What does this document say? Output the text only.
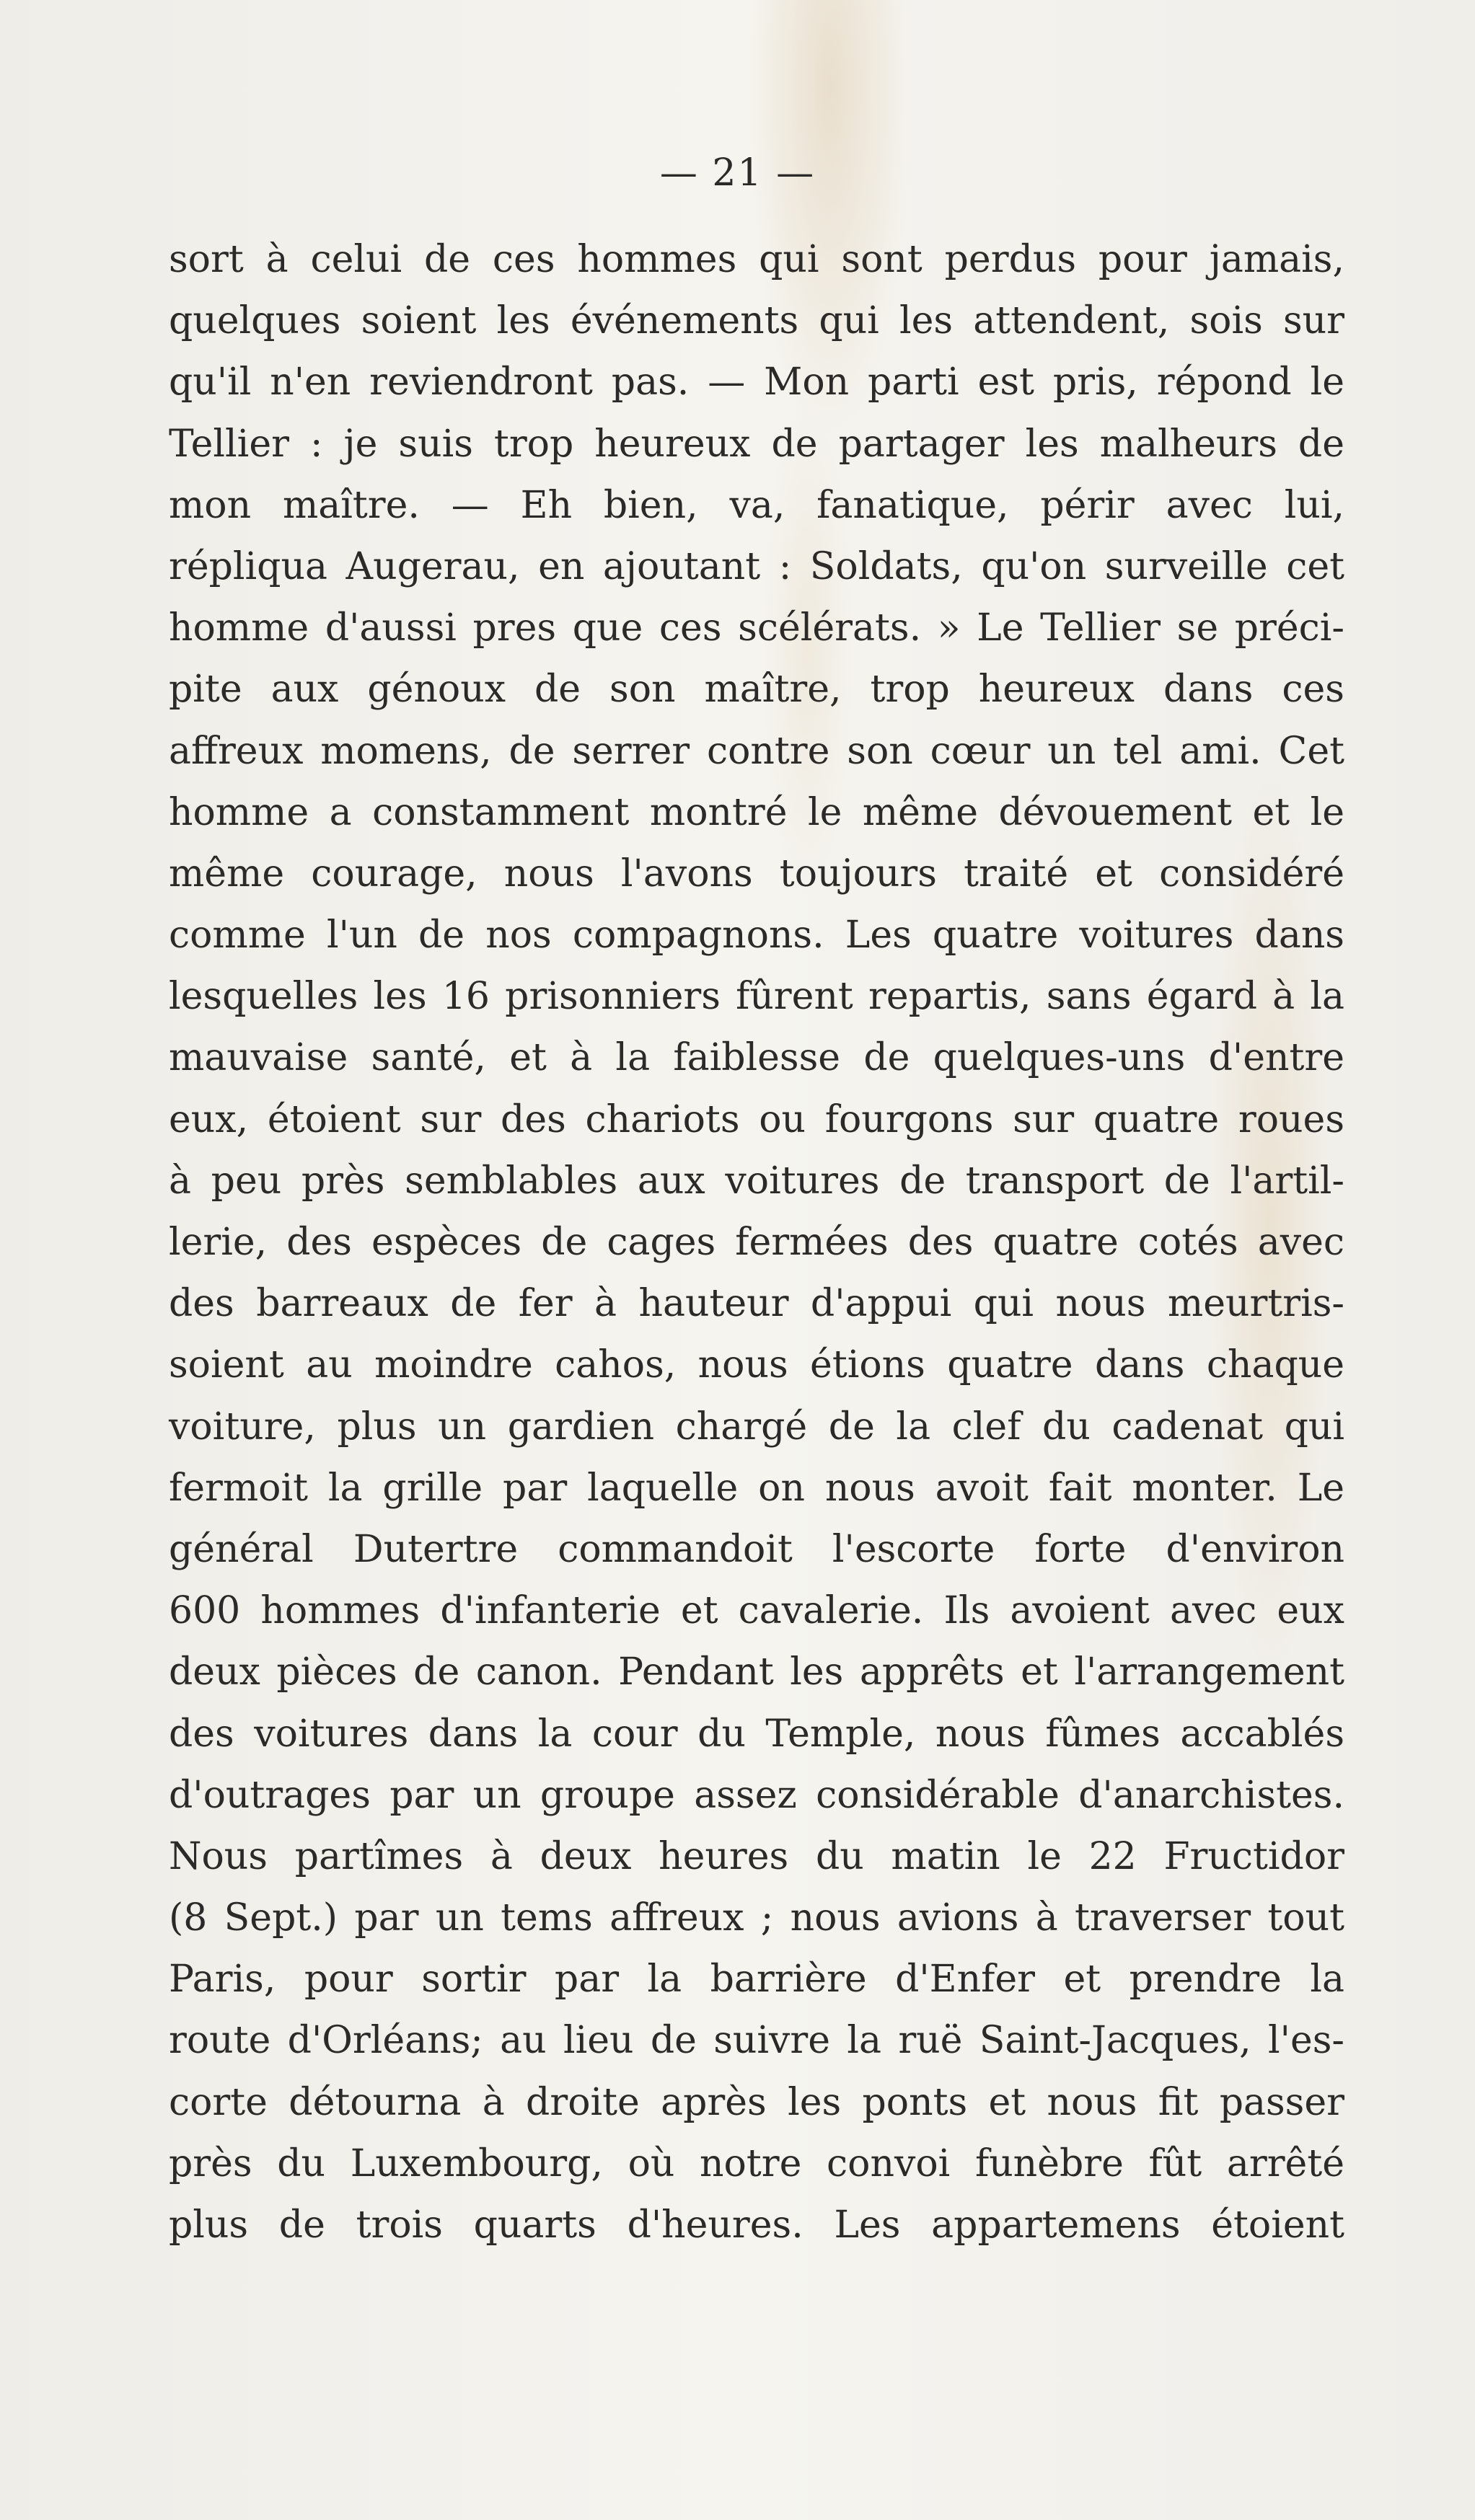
— 21 —
sort à celui de ces hommes qui sont perdus pour jamais,
quelques soient les événements qui les attendent, sois sur
qu'il n'en reviendront pas. — Mon parti est pris, répond le
Tellier : je suis trop heureux de partager les malheurs de
mon maître. — Eh bien, va, fanatique, périr avec lui,
répliqua Augerau, en ajoutant : Soldats, qu'on surveille cet
homme d'aussi pres que ces scélérats. » Le Tellier se préci-
pite aux génoux de son maître, trop heureux dans ces
affreux momens, de serrer contre son cœur un tel ami. Cet
homme a constamment montré le même dévouement et le
même courage, nous l'avons toujours traité et considéré
comme l'un de nos compagnons. Les quatre voitures dans
lesquelles les 16 prisonniers fûrent repartis, sans égard à la
mauvaise santé, et à la faiblesse de quelques-uns d'entre
eux, étoient sur des chariots ou fourgons sur quatre roues
à peu près semblables aux voitures de transport de l'artil-
lerie, des espèces de cages fermées des quatre cotés avec
des barreaux de fer à hauteur d'appui qui nous meurtris-
soient au moindre cahos, nous étions quatre dans chaque
voiture, plus un gardien chargé de la clef du cadenat qui
fermoit la grille par laquelle on nous avoit fait monter. Le
général Dutertre commandoit l'escorte forte d'environ
600 hommes d'infanterie et cavalerie. Ils avoient avec eux
deux pièces de canon. Pendant les apprêts et l'arrangement
des voitures dans la cour du Temple, nous fûmes accablés
d'outrages par un groupe assez considérable d'anarchistes.
Nous partîmes à deux heures du matin le 22 Fructidor
(8 Sept.) par un tems affreux ; nous avions à traverser tout
Paris, pour sortir par la barrière d'Enfer et prendre la
route d'Orléans; au lieu de suivre la ruë Saint-Jacques, l'es-
corte détourna à droite après les ponts et nous fit passer
près du Luxembourg, où notre convoi funèbre fût arrêté
plus de trois quarts d'heures. Les appartemens étoient
